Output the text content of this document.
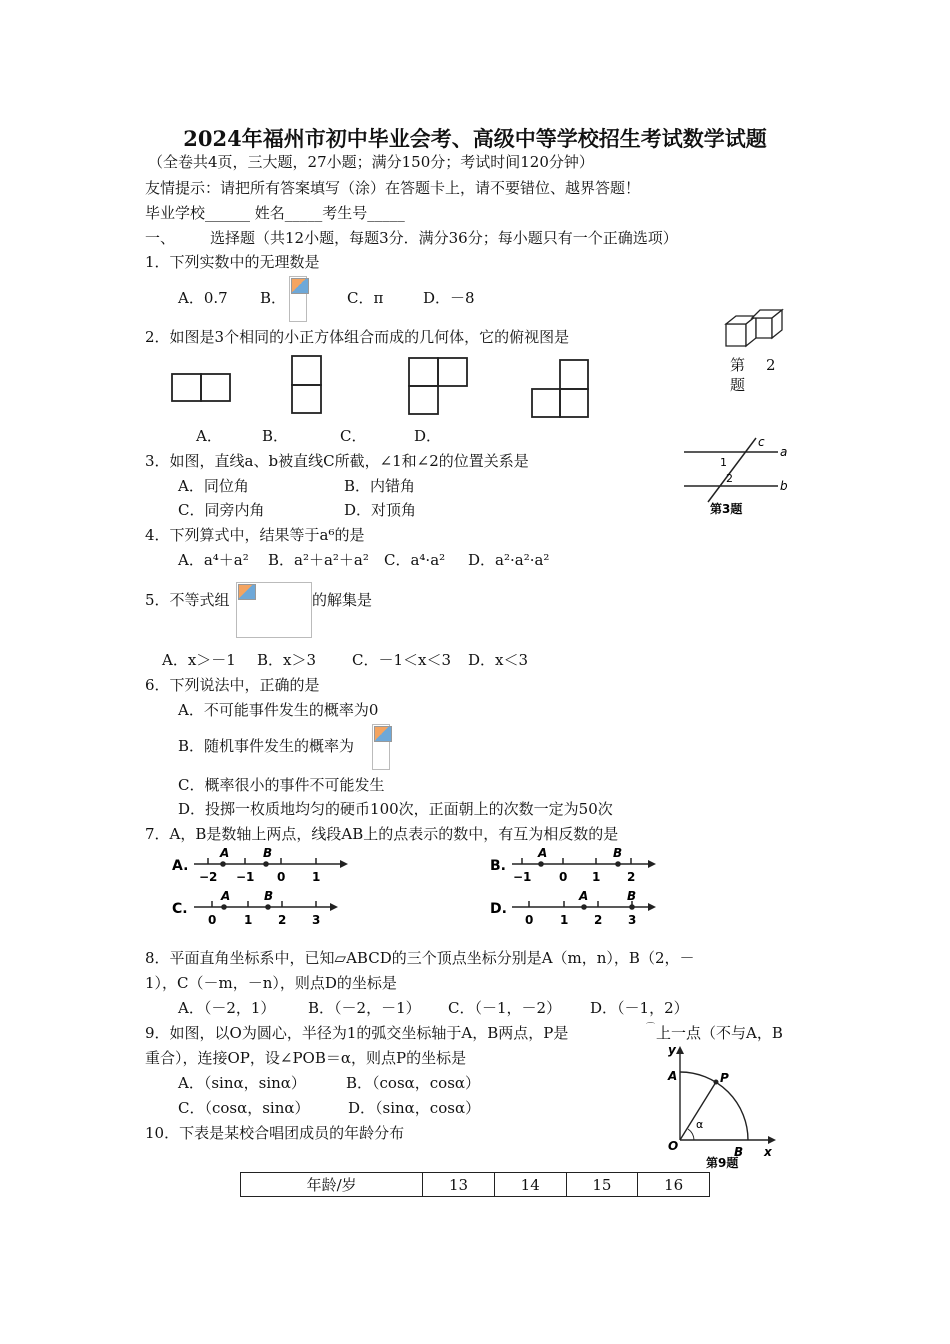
2024年福州市初中毕业会考、高级中等学校招生考试数学试题
（全卷共4页，三大题，27小题；满分150分；考试时间120分钟）
友情提示：请把所有答案填写（涂）在答题卡上，请不要错位、越界答题！
毕业学校______ 姓名_____考生号_____
一、 选择题（共12小题，每题3分．满分36分；每小题只有一个正确选项）
1．下列实数中的无理数是
A．0.7 B．	C．π	D．－8
2．如图是3个相同的小正方体组合而成的几何体，它的俯视图是
第 2
题
A．	B．	C．	D．
3．如图，直线a、b被直线C所截，∠1和∠2的位置关系是
A．同位角	B．内错角
C．同旁内角	D．对顶角
c
a
b
1
2
第3题
4．下列算式中，结果等于a⁶的是
A．a⁴＋a² B．a²＋a²＋a² C．a⁴·a² D．a²·a²·a²
5．不等式组	的解集是
A．x＞－1 B．x＞3 C．－1＜x＜3 D．x＜3
6．下列说法中，正确的是
A．不可能事件发生的概率为0
B．随机事件发生的概率为
C．概率很小的事件不可能发生
D．投掷一枚质地均匀的硬币100次，正面朝上的次数一定为50次
7．A，B是数轴上两点，线段AB上的点表示的数中，有互为相反数的是
A.
A	B
−2 −1 0 1
B.
A	B
−1 0 1 2
C.
A	B
0 1 2 3
D.
A	B
0 1 2 3
8．平面直角坐标系中，已知▱ABCD的三个顶点坐标分别是A（m，n），B（2，－
1），C（－m，－n），则点D的坐标是
A．（－2，1） B．（－2，－1） C．（－1，－2） D．（－1，2）
9．如图，以O为圆心，半径为1的弧交坐标轴于A，B两点，P是	⌒ 上一点（不与A，B
重合），连接OP，设∠POB＝α，则点P的坐标是
A．（sinα，sinα）	B．（cosα，cosα）
C．（cosα，sinα）	D．（sinα，cosα）
y
x
O
A
B
P
α
第9题
10．下表是某校合唱团成员的年龄分布
年龄/岁	13	14	15	16
